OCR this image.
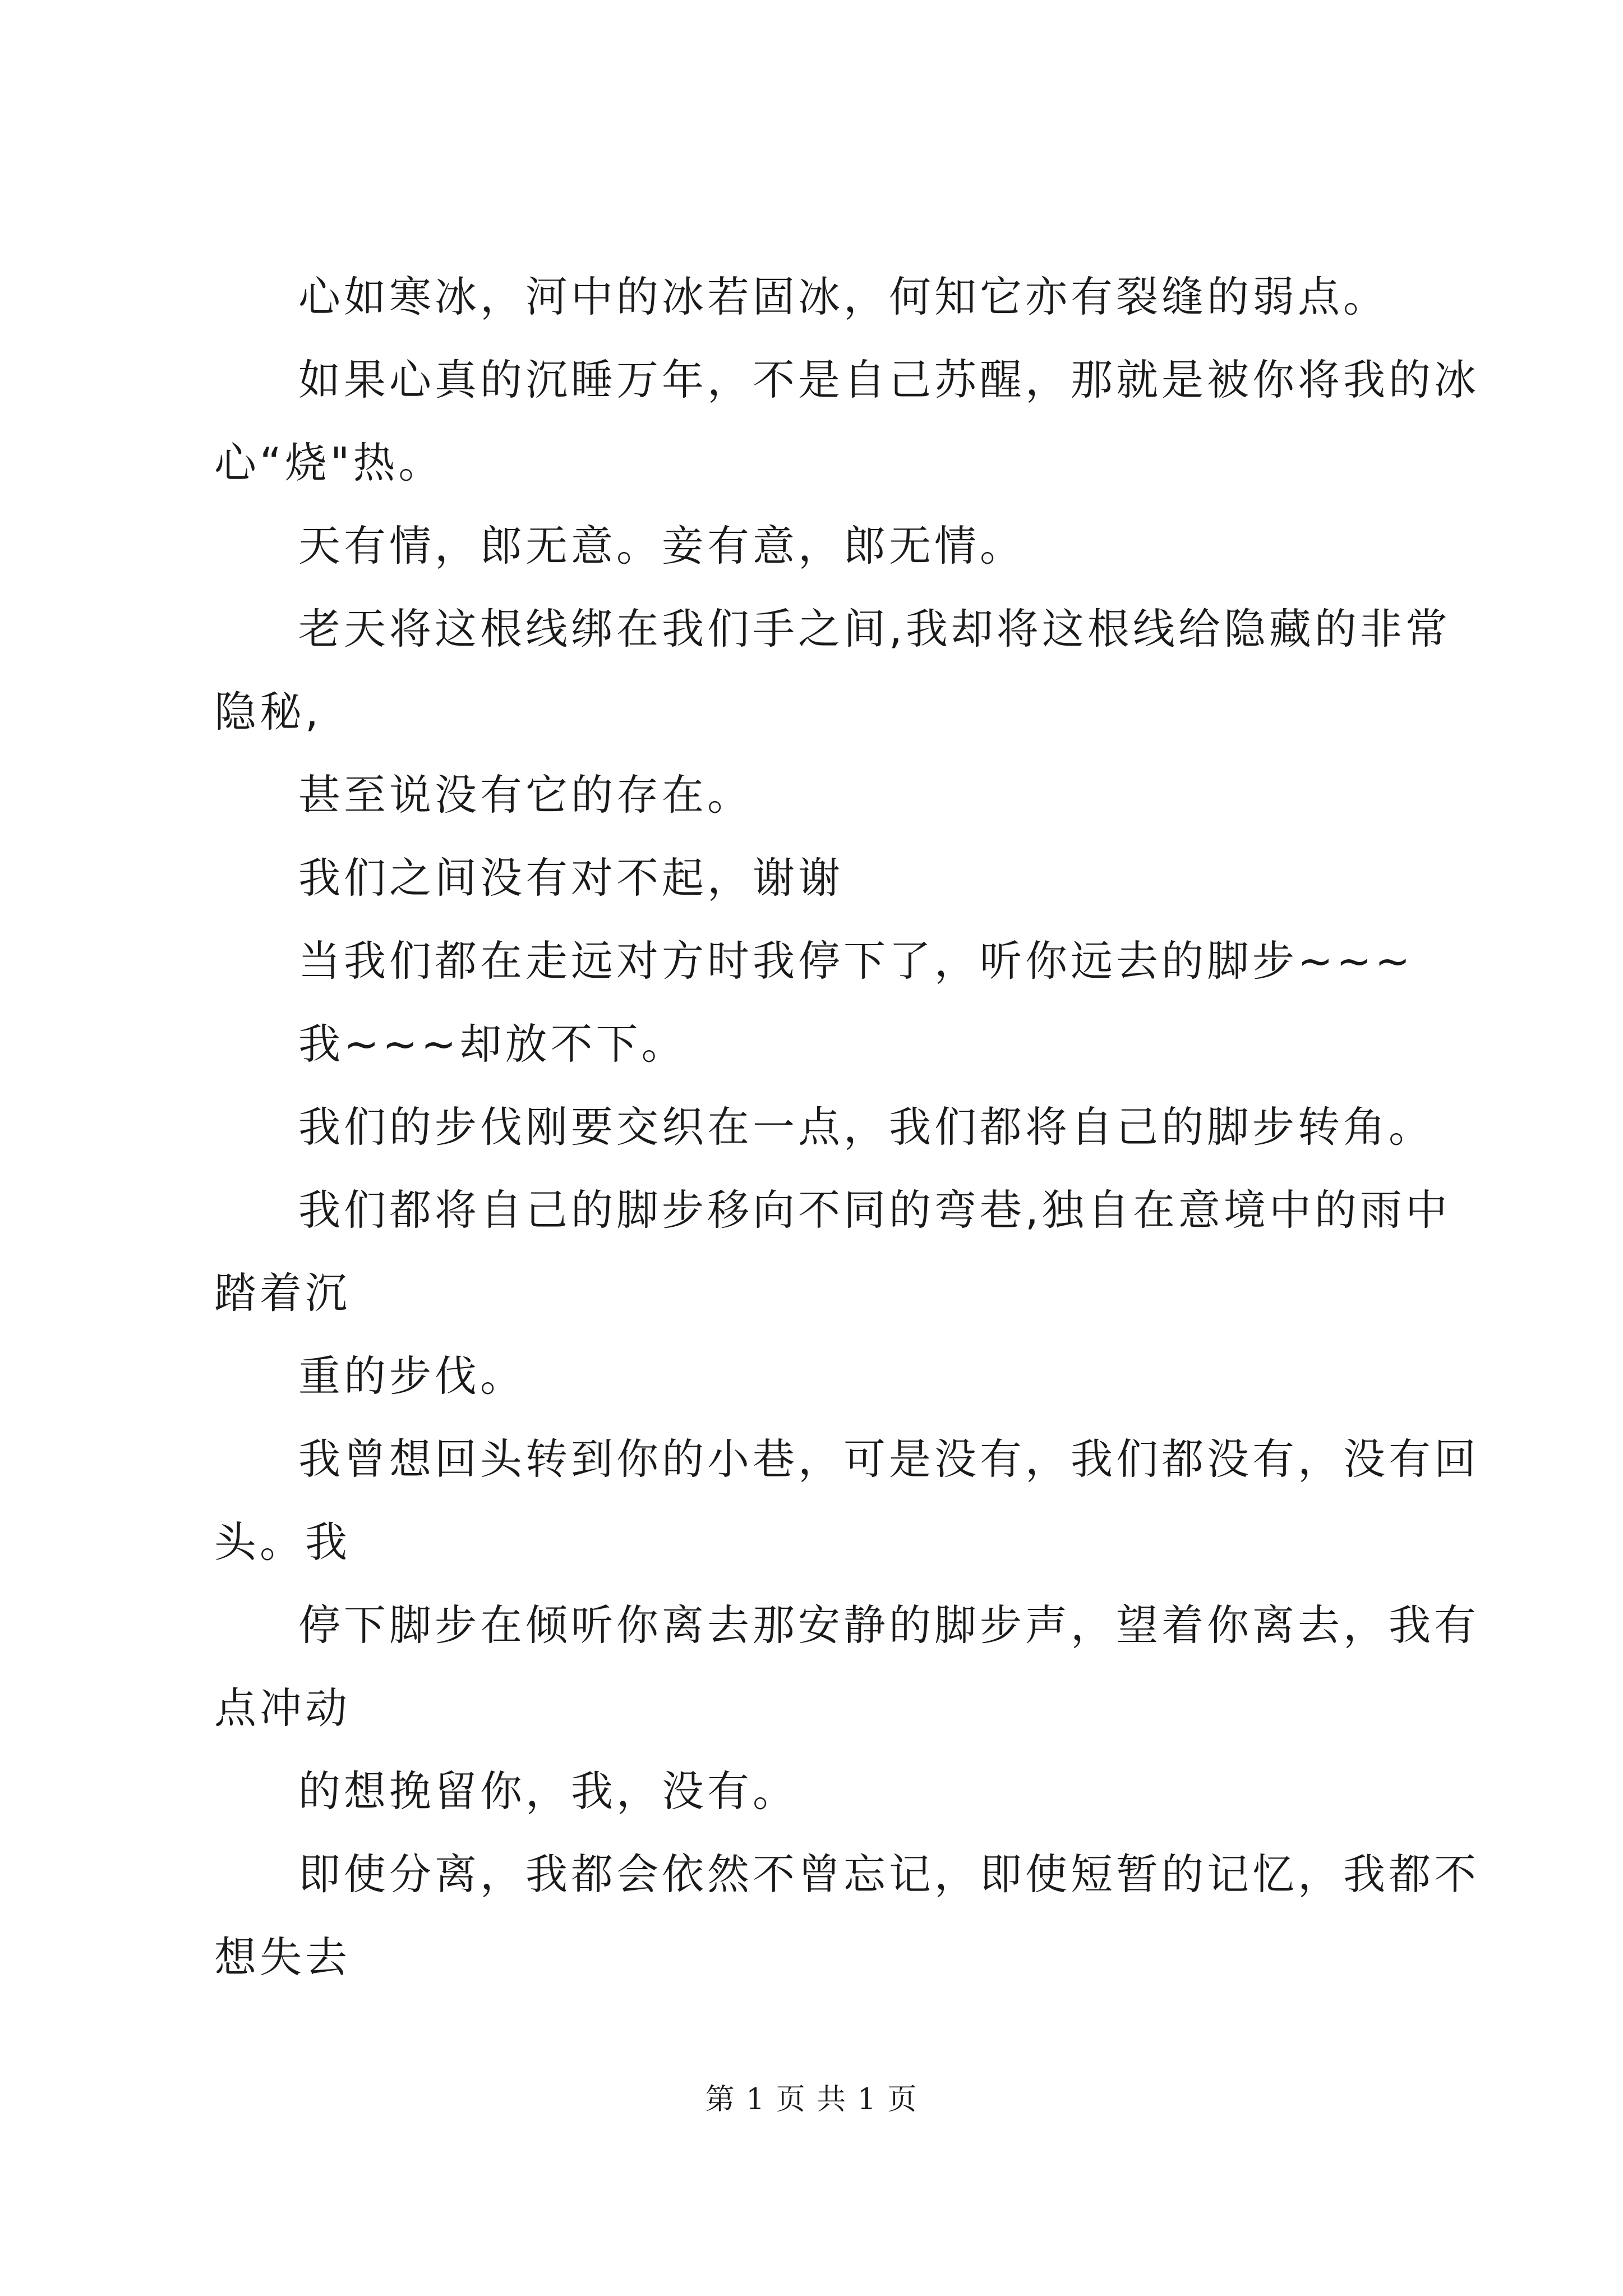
心如寒冰，河中的冰若固冰，何知它亦有裂缝的弱点。

如果心真的沉睡万年，不是自己苏醒，那就是被你将我的冰

心“烧"热。

天有情，郎无意。妾有意，郎无情。

老天将这根线绑在我们手之间,我却将这根线给隐藏的非常

隐秘,

甚至说没有它的存在。

我们之间没有对不起，谢谢

当我们都在走远对方时我停下了，听你远去的脚步~~~

我~~~却放不下。

我们的步伐刚要交织在一点，我们都将自己的脚步转角。

我们都将自己的脚步移向不同的弯巷,独自在意境中的雨中

踏着沉

重的步伐。

我曾想回头转到你的小巷，可是没有，我们都没有，没有回

头。我

停下脚步在倾听你离去那安静的脚步声，望着你离去，我有

点冲动

的想挽留你，我，没有。

即使分离，我都会依然不曾忘记，即使短暂的记忆，我都不

想失去

第 1 页 共 1 页
